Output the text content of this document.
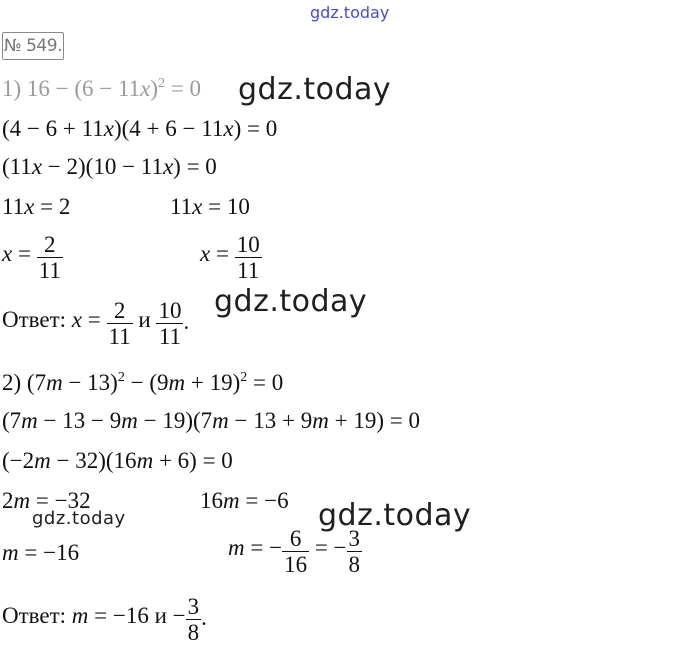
gdz.today
№ 549.
1) $16 - (6 - 11x)^2 = 0$ gdz.today
(4 − 6 + 11x)(4 + 6 − 11x) = 0
(11x − 2)(10 − 11x) = 0
11x = 2	11x = 10
$x = \frac{2}{11}$	$x = \frac{10}{11}$
Ответ: $x = \frac{2}{11}$ и $\frac{10}{11}$ .
gdz.today
2) $(7m - 13)^2 - (9m + 19)^2 = 0$
(7m − 13 − 9m − 19)(7m − 13 + 9m + 19) = 0
(−2m − 32)(16m + 6) = 0
2m = −32	16m = −6
gdz.today	gdz.today
m = −16	m = − $\frac{6}{16}$ = − $\frac{3}{8}$
Ответ: m = −16 $и - \frac{3}{8}$ .
